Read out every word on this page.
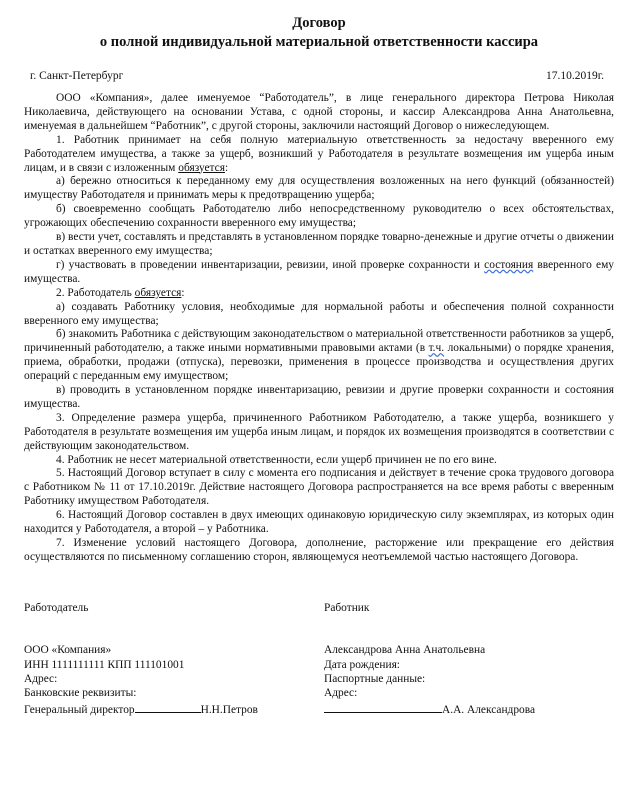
Договор
о полной индивидуальной материальной ответственности кассира
г. Санкт-Петербург	17.10.2019г.

ООО «Компания», далее именуемое “Работодатель”, в лице генерального директора Петрова Николая Николаевича, действующего на основании Устава, с одной стороны, и кассир Александрова Анна Анатольевна, именуемая в дальнейшем “Работник”, с другой стороны, заключили настоящий Договор о нижеследующем.

1. Работник принимает на себя полную материальную ответственность за недостачу вверенного ему Работодателем имущества, а также за ущерб, возникший у Работодателя в результате возмещения им ущерба иным лицам, и в связи с изложенным обязуется:

а) бережно относиться к переданному ему для осуществления возложенных на него функций (обязанностей) имуществу Работодателя и принимать меры к предотвращению ущерба;

б) своевременно сообщать Работодателю либо непосредственному руководителю о всех обстоятельствах, угрожающих обеспечению сохранности вверенного ему имущества;

в) вести учет, составлять и представлять в установленном порядке товарно-денежные и другие отчеты о движении и остатках вверенного ему имущества;

г) участвовать в проведении инвентаризации, ревизии, иной проверке сохранности и состояния вверенного ему имущества.

2. Работодатель обязуется:

а) создавать Работнику условия, необходимые для нормальной работы и обеспечения полной сохранности вверенного ему имущества;

б) знакомить Работника с действующим законодательством о материальной ответственности работников за ущерб, причиненный работодателю, а также иными нормативными правовыми актами (в т.ч. локальными) о порядке хранения, приема, обработки, продажи (отпуска), перевозки, применения в процессе производства и осуществления других операций с переданным ему имуществом;

в) проводить в установленном порядке инвентаризацию, ревизии и другие проверки сохранности и состояния имущества.

3. Определение размера ущерба, причиненного Работником Работодателю, а также ущерба, возникшего у Работодателя в результате возмещения им ущерба иным лицам, и порядок их возмещения производятся в соответствии с действующим законодательством.

4. Работник не несет материальной ответственности, если ущерб причинен не по его вине.

5. Настоящий Договор вступает в силу с момента его подписания и действует в течение срока трудового договора с Работником № 11 от 17.10.2019г. Действие настоящего Договора распространяется на все время работы с вверенным Работнику имуществом Работодателя.

6. Настоящий Договор составлен в двух имеющих одинаковую юридическую силу экземплярах, из которых один находится у Работодателя, а второй – у Работника.

7. Изменение условий настоящего Договора, дополнение, расторжение или прекращение его действия осуществляются по письменному соглашению сторон, являющемуся неотъемлемой частью настоящего Договора.

Работодатель
ООО «Компания»
ИНН 1111111111 КПП 111101001
Адрес:
Банковские реквизиты:
Генеральный директор	Н.Н.Петров
Работник
Александрова Анна Анатольевна
Дата рождения:
Паспортные данные:
Адрес:
А.А. Александрова
